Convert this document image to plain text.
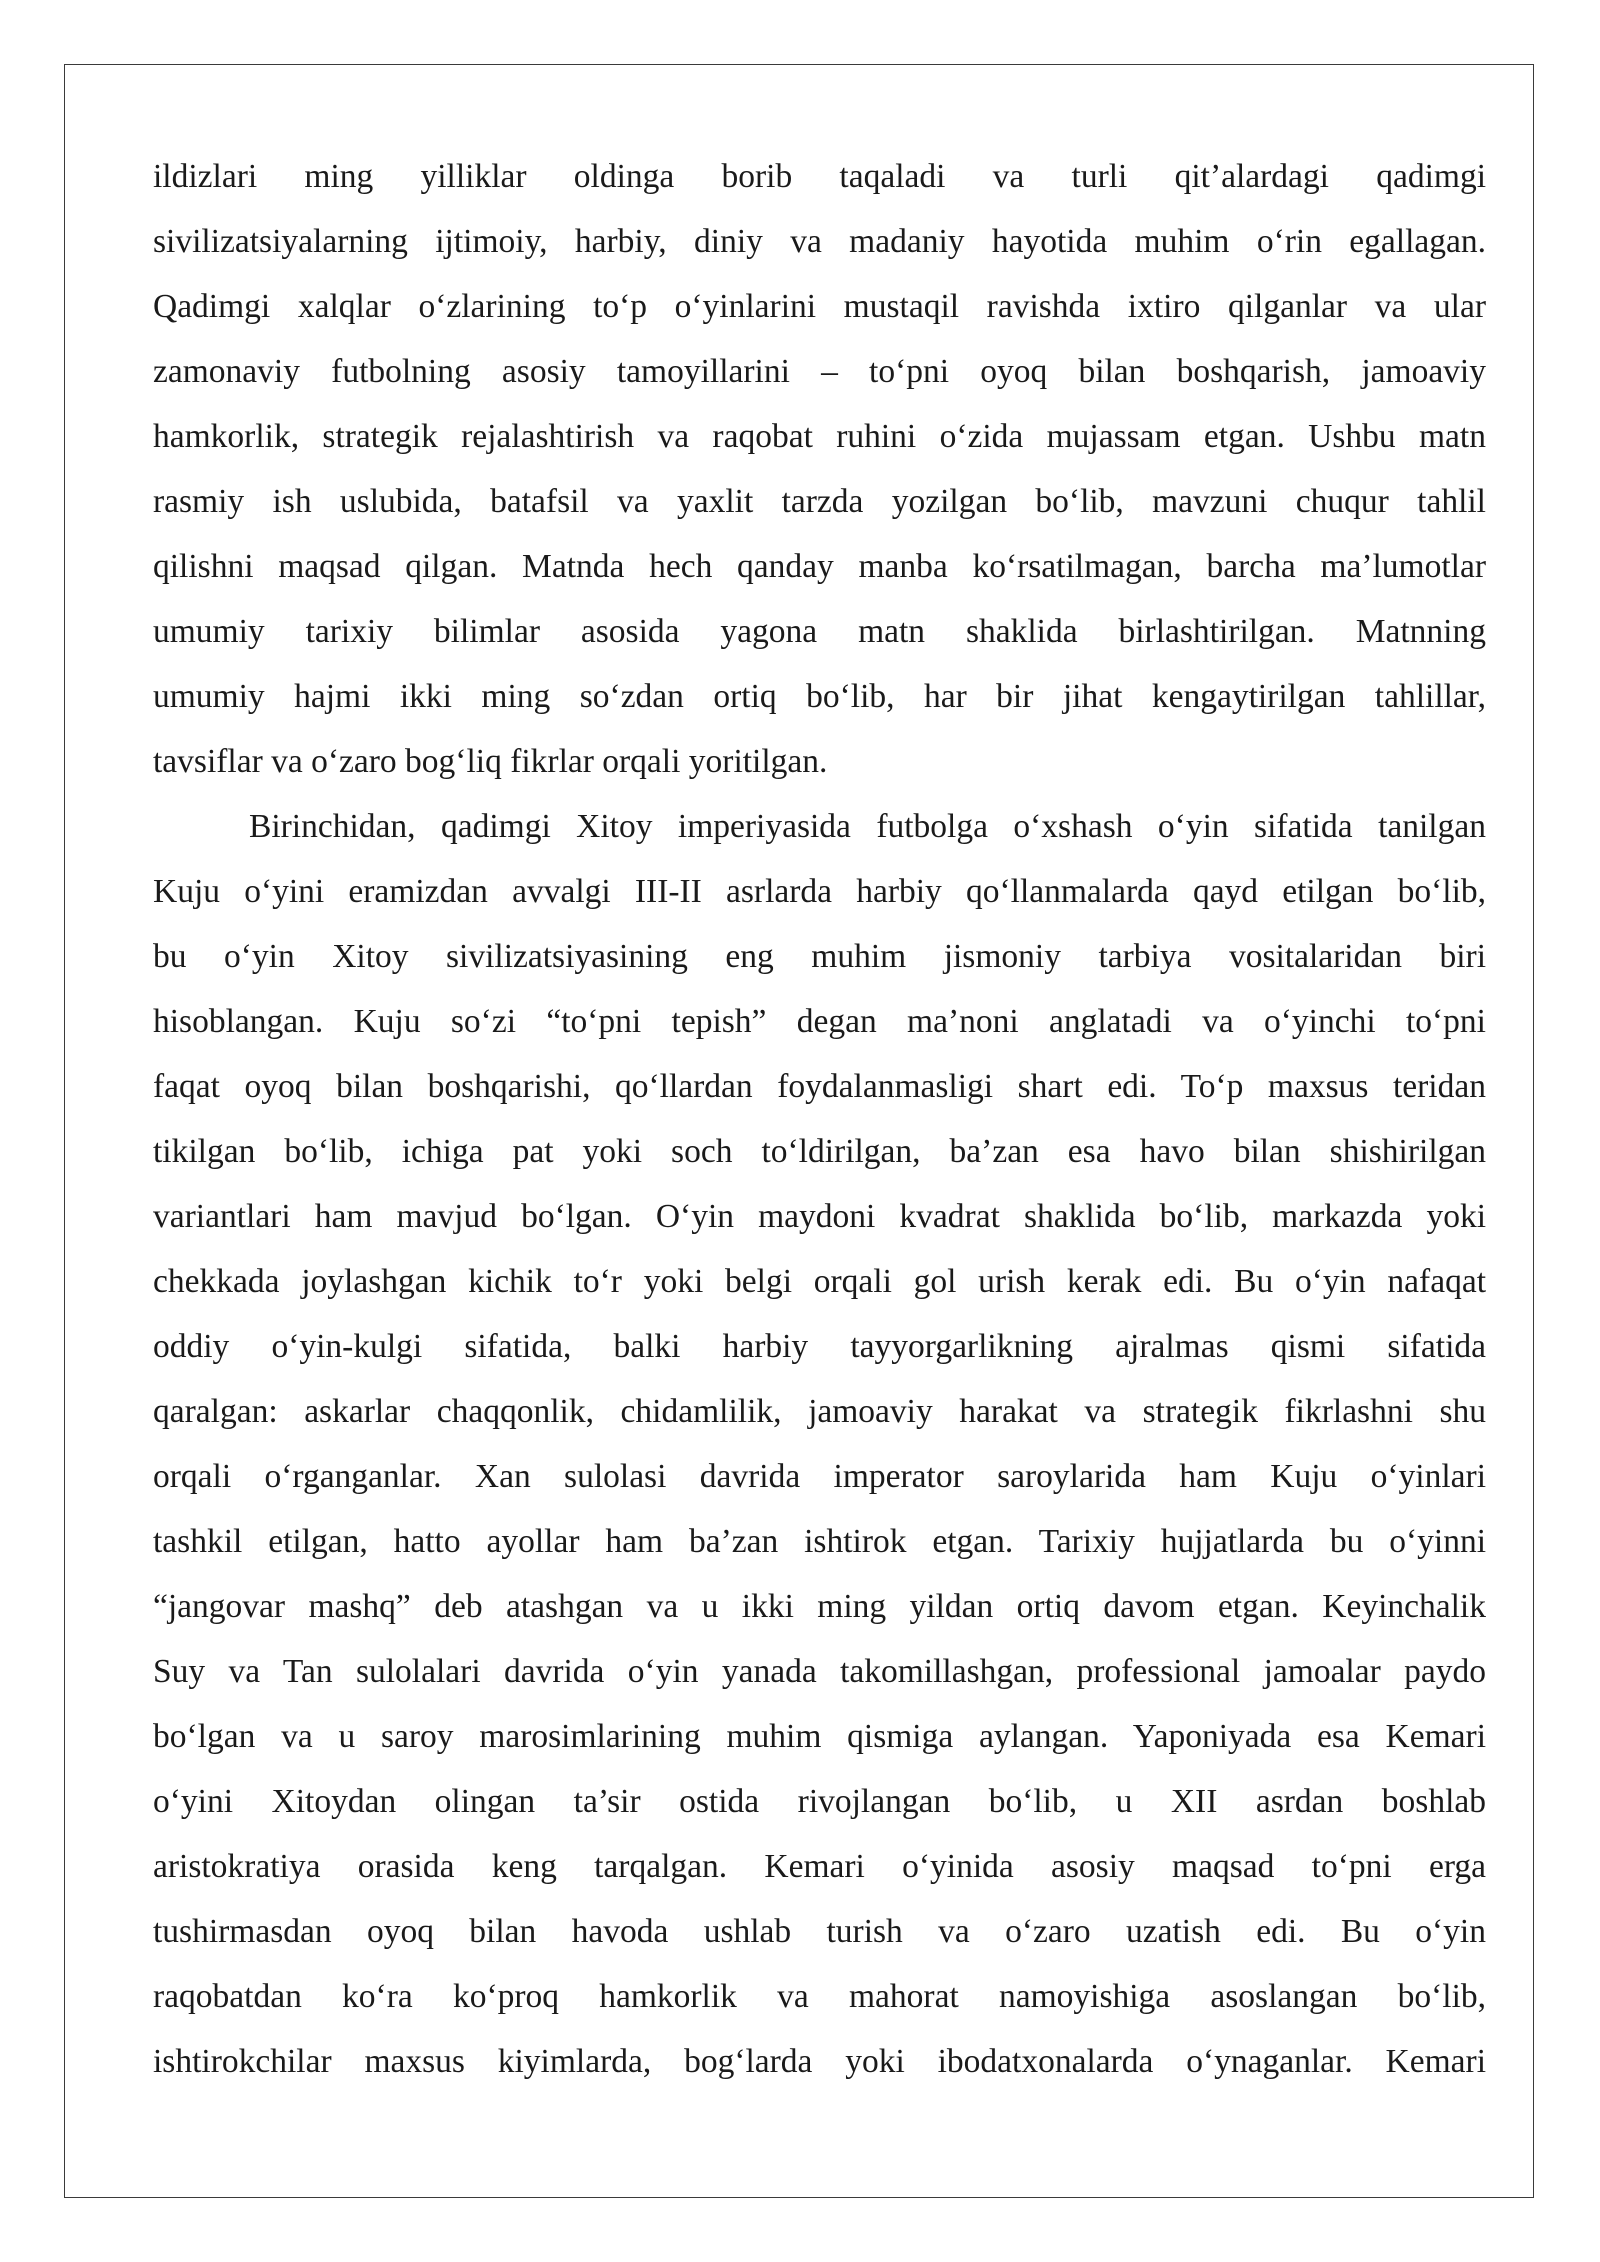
ildizlari ming yilliklar oldinga borib taqaladi va turli qit’alardagi qadimgi
sivilizatsiyalarning ijtimoiy, harbiy, diniy va madaniy hayotida muhim o‘rin egallagan.
Qadimgi xalqlar o‘zlarining to‘p o‘yinlarini mustaqil ravishda ixtiro qilganlar va ular
zamonaviy futbolning asosiy tamoyillarini – to‘pni oyoq bilan boshqarish, jamoaviy
hamkorlik, strategik rejalashtirish va raqobat ruhini o‘zida mujassam etgan. Ushbu matn
rasmiy ish uslubida, batafsil va yaxlit tarzda yozilgan bo‘lib, mavzuni chuqur tahlil
qilishni maqsad qilgan. Matnda hech qanday manba ko‘rsatilmagan, barcha ma’lumotlar
umumiy tarixiy bilimlar asosida yagona matn shaklida birlashtirilgan. Matnning
umumiy hajmi ikki ming so‘zdan ortiq bo‘lib, har bir jihat kengaytirilgan tahlillar,
tavsiflar va o‘zaro bog‘liq fikrlar orqali yoritilgan.
Birinchidan, qadimgi Xitoy imperiyasida futbolga o‘xshash o‘yin sifatida tanilgan
Kuju o‘yini eramizdan avvalgi III-II asrlarda harbiy qo‘llanmalarda qayd etilgan bo‘lib,
bu o‘yin Xitoy sivilizatsiyasining eng muhim jismoniy tarbiya vositalaridan biri
hisoblangan. Kuju so‘zi “to‘pni tepish” degan ma’noni anglatadi va o‘yinchi to‘pni
faqat oyoq bilan boshqarishi, qo‘llardan foydalanmasligi shart edi. To‘p maxsus teridan
tikilgan bo‘lib, ichiga pat yoki soch to‘ldirilgan, ba’zan esa havo bilan shishirilgan
variantlari ham mavjud bo‘lgan. O‘yin maydoni kvadrat shaklida bo‘lib, markazda yoki
chekkada joylashgan kichik to‘r yoki belgi orqali gol urish kerak edi. Bu o‘yin nafaqat
oddiy o‘yin-kulgi sifatida, balki harbiy tayyorgarlikning ajralmas qismi sifatida
qaralgan: askarlar chaqqonlik, chidamlilik, jamoaviy harakat va strategik fikrlashni shu
orqali o‘rganganlar. Xan sulolasi davrida imperator saroylarida ham Kuju o‘yinlari
tashkil etilgan, hatto ayollar ham ba’zan ishtirok etgan. Tarixiy hujjatlarda bu o‘yinni
“jangovar mashq” deb atashgan va u ikki ming yildan ortiq davom etgan. Keyinchalik
Suy va Tan sulolalari davrida o‘yin yanada takomillashgan, professional jamoalar paydo
bo‘lgan va u saroy marosimlarining muhim qismiga aylangan. Yaponiyada esa Kemari
o‘yini Xitoydan olingan ta’sir ostida rivojlangan bo‘lib, u XII asrdan boshlab
aristokratiya orasida keng tarqalgan. Kemari o‘yinida asosiy maqsad to‘pni erga
tushirmasdan oyoq bilan havoda ushlab turish va o‘zaro uzatish edi. Bu o‘yin
raqobatdan ko‘ra ko‘proq hamkorlik va mahorat namoyishiga asoslangan bo‘lib,
ishtirokchilar maxsus kiyimlarda, bog‘larda yoki ibodatxonalarda o‘ynaganlar. Kemari
